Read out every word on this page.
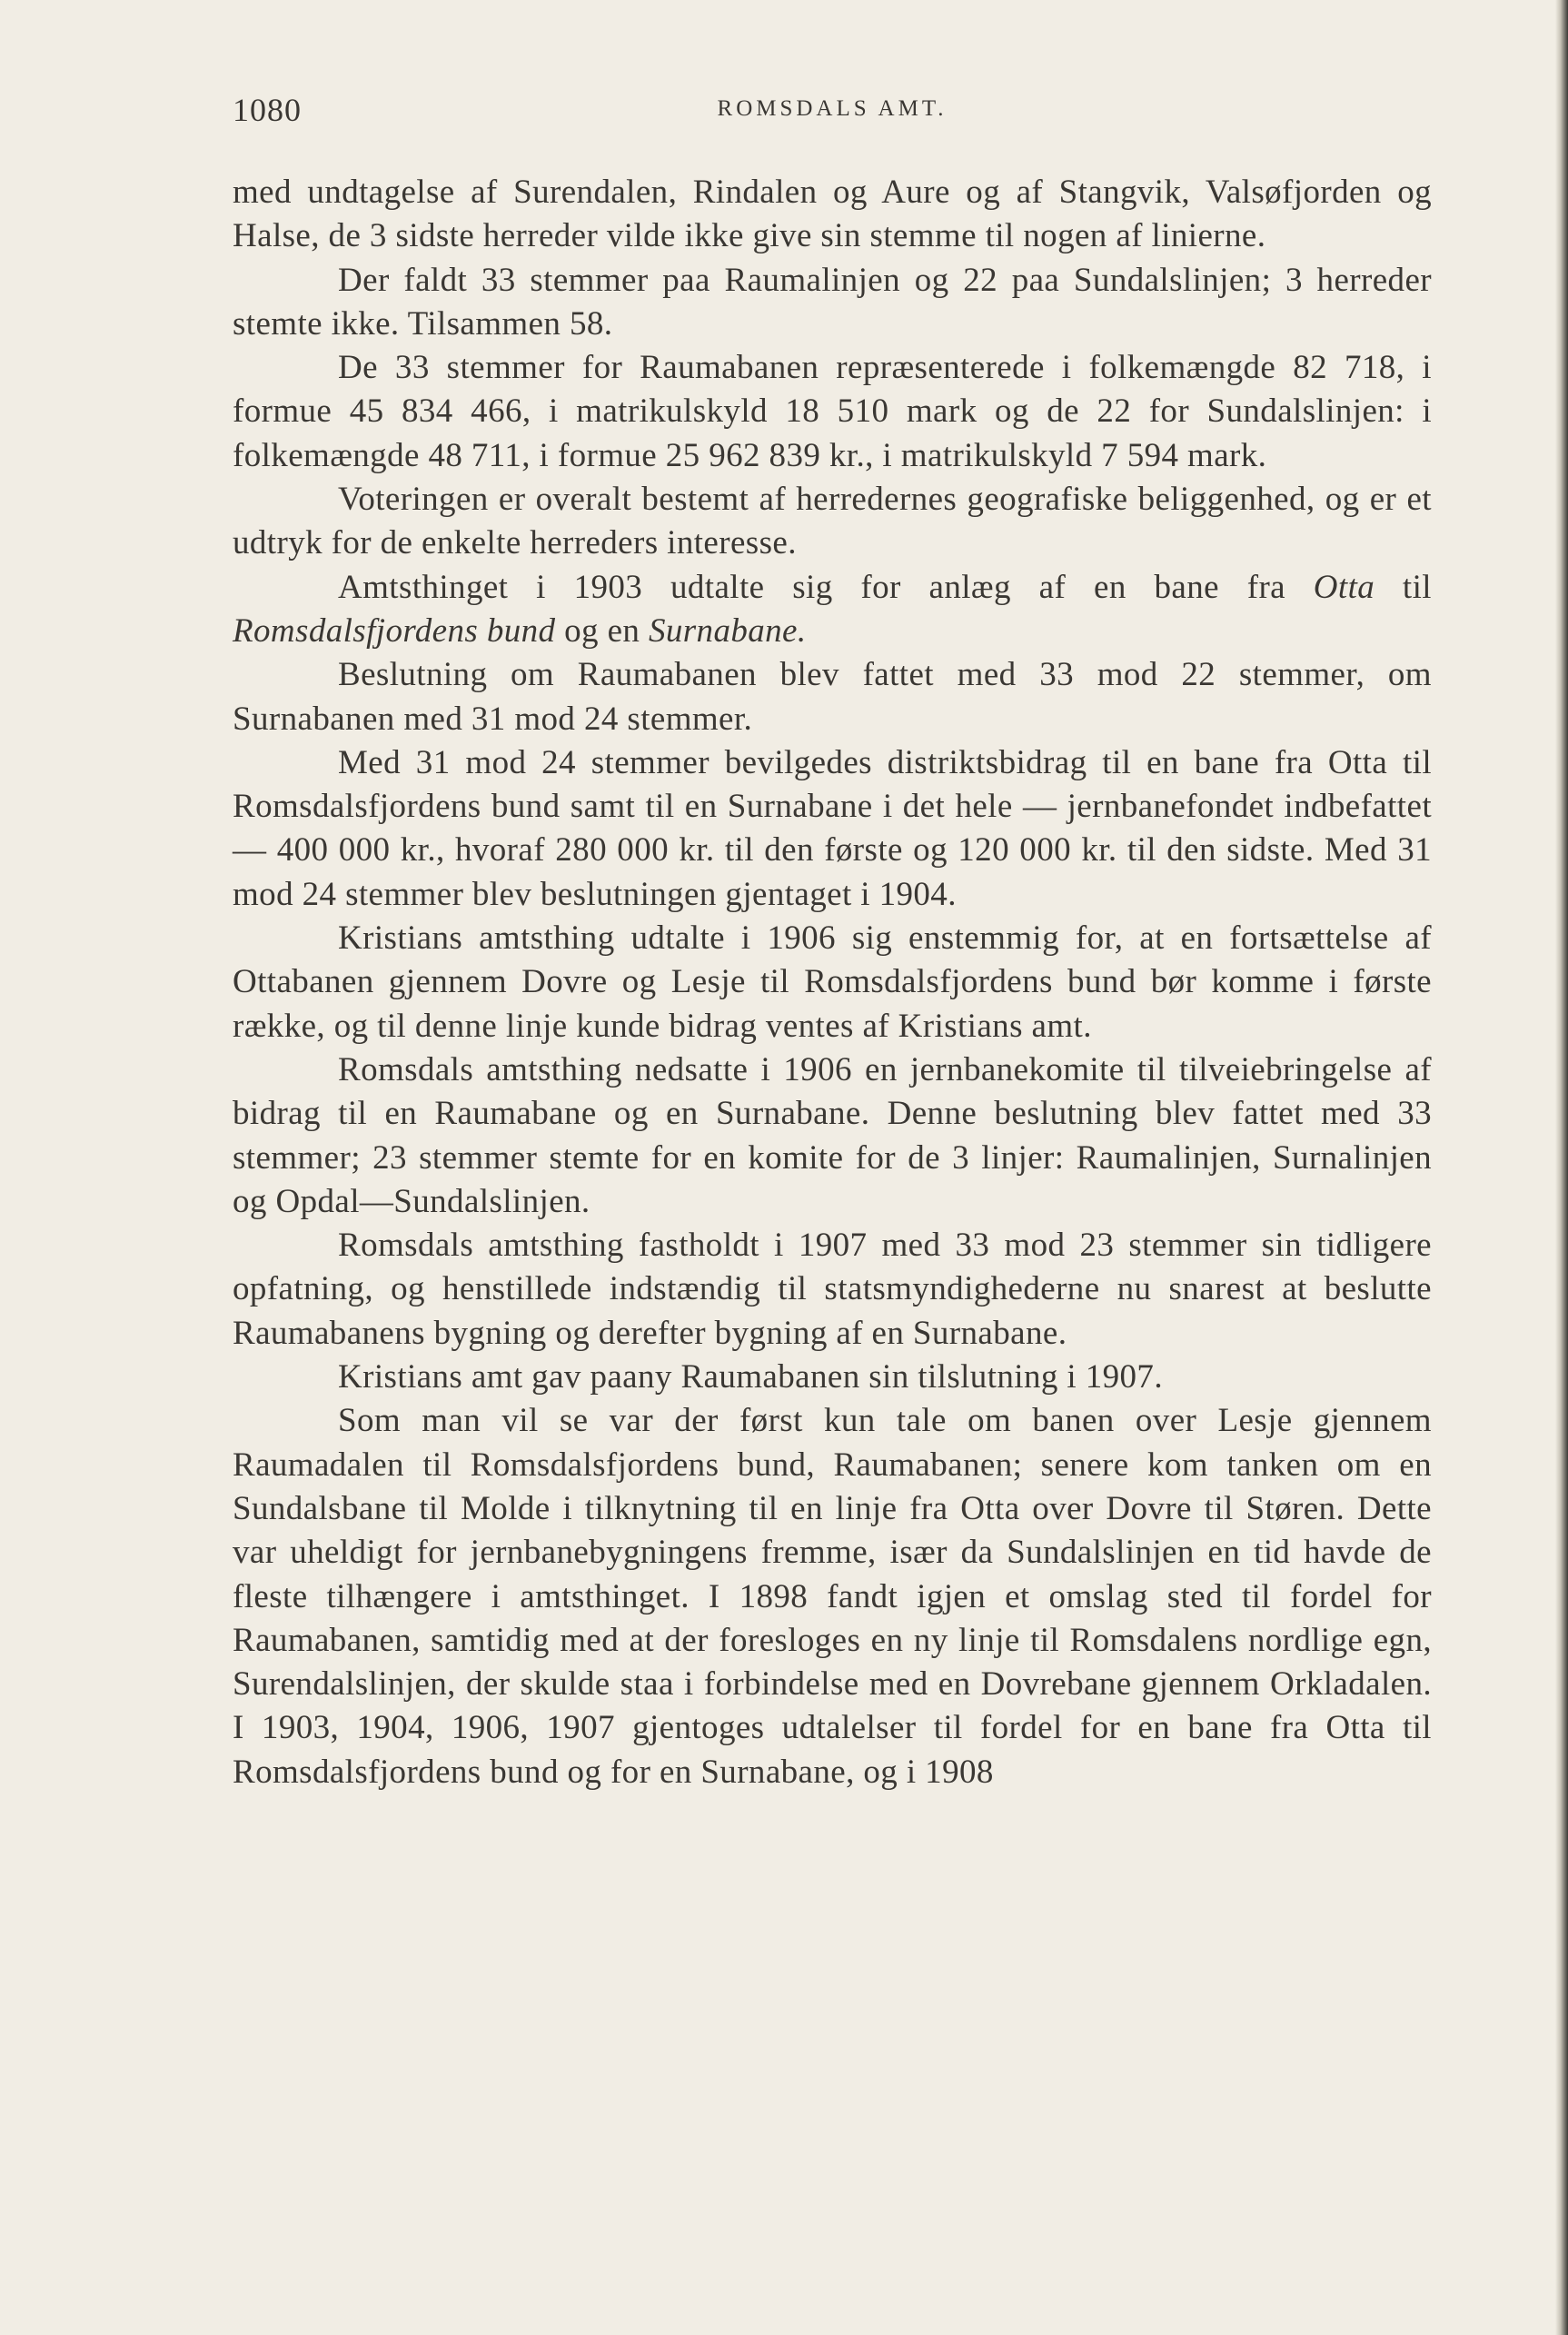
1080	ROMSDALS AMT.

med undtagelse af Surendalen, Rindalen og Aure og af Stangvik, Valsøfjorden og Halse, de 3 sidste herreder vilde ikke give sin stemme til nogen af linierne.

Der faldt 33 stemmer paa Raumalinjen og 22 paa Sundalslinjen; 3 herreder stemte ikke. Tilsammen 58.

De 33 stemmer for Raumabanen repræsenterede i folkemængde 82 718, i formue 45 834 466, i matrikulskyld 18 510 mark og de 22 for Sundalslinjen: i folkemængde 48 711, i formue 25 962 839 kr., i matrikulskyld 7 594 mark.

Voteringen er overalt bestemt af herredernes geografiske beliggenhed, og er et udtryk for de enkelte herreders interesse.

Amtsthinget i 1903 udtalte sig for anlæg af en bane fra Otta til Romsdalsfjordens bund og en Surnabane.

Beslutning om Raumabanen blev fattet med 33 mod 22 stemmer, om Surnabanen med 31 mod 24 stemmer.

Med 31 mod 24 stemmer bevilgedes distriktsbidrag til en bane fra Otta til Romsdalsfjordens bund samt til en Surnabane i det hele — jernbanefondet indbefattet — 400 000 kr., hvoraf 280 000 kr. til den første og 120 000 kr. til den sidste. Med 31 mod 24 stemmer blev beslutningen gjentaget i 1904.

Kristians amtsthing udtalte i 1906 sig enstemmig for, at en fortsættelse af Ottabanen gjennem Dovre og Lesje til Romsdalsfjordens bund bør komme i første række, og til denne linje kunde bidrag ventes af Kristians amt.

Romsdals amtsthing nedsatte i 1906 en jernbanekomite til tilveiebringelse af bidrag til en Raumabane og en Surnabane. Denne beslutning blev fattet med 33 stemmer; 23 stemmer stemte for en komite for de 3 linjer: Raumalinjen, Surnalinjen og Opdal—Sundalslinjen.

Romsdals amtsthing fastholdt i 1907 med 33 mod 23 stemmer sin tidligere opfatning, og henstillede indstændig til statsmyndighederne nu snarest at beslutte Raumabanens bygning og derefter bygning af en Surnabane.

Kristians amt gav paany Raumabanen sin tilslutning i 1907.

Som man vil se var der først kun tale om banen over Lesje gjennem Raumadalen til Romsdalsfjordens bund, Raumabanen; senere kom tanken om en Sundalsbane til Molde i tilknytning til en linje fra Otta over Dovre til Støren. Dette var uheldigt for jernbanebygningens fremme, især da Sundalslinjen en tid havde de fleste tilhængere i amtsthinget. I 1898 fandt igjen et omslag sted til fordel for Raumabanen, samtidig med at der foresloges en ny linje til Romsdalens nordlige egn, Surendalslinjen, der skulde staa i forbindelse med en Dovrebane gjennem Orkladalen. I 1903, 1904, 1906, 1907 gjentoges udtalelser til fordel for en bane fra Otta til Romsdalsfjordens bund og for en Surnabane, og i 1908
